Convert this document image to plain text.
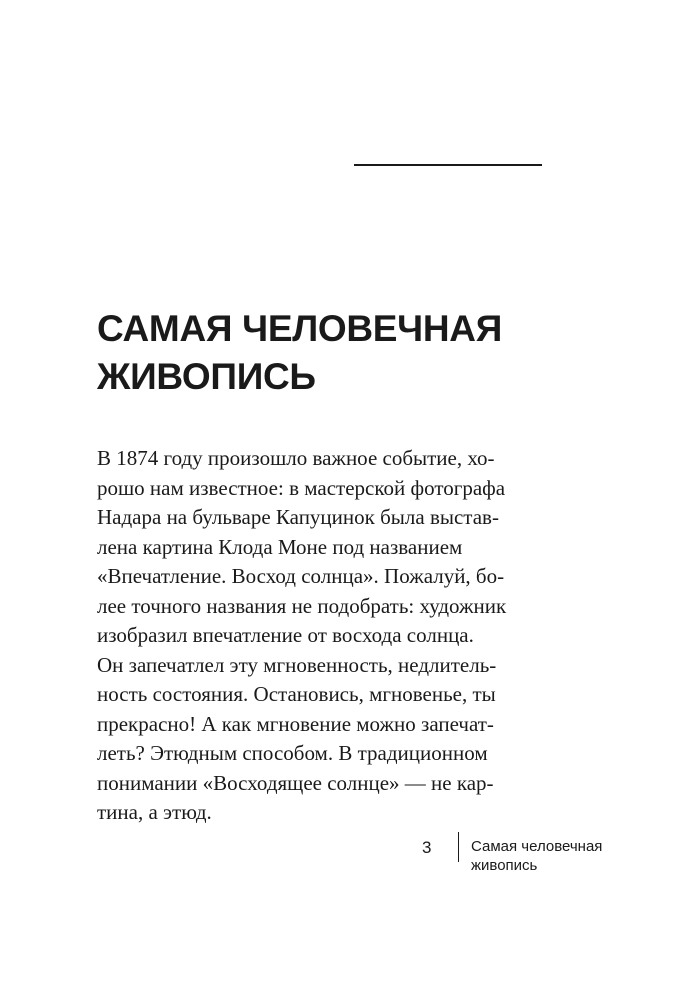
САМАЯ ЧЕЛОВЕЧНАЯ
ЖИВОПИСЬ
В 1874 году произошло важное событие, хо-
рошо нам известное: в мастерской фотографа
Надара на бульваре Капуцинок была выстав-
лена картина Клода Моне под названием
«Впечатление. Восход солнца». Пожалуй, бо-
лее точного названия не подобрать: художник
изобразил впечатление от восхода солнца.
Он запечатлел эту мгновенность, недлитель-
ность состояния. Остановись, мгновенье, ты
прекрасно! А как мгновение можно запечат-
леть? Этюдным способом. В традиционном
понимании «Восходящее солнце» — не кар-
тина, а этюд.
3	Самая человечная
живопись
